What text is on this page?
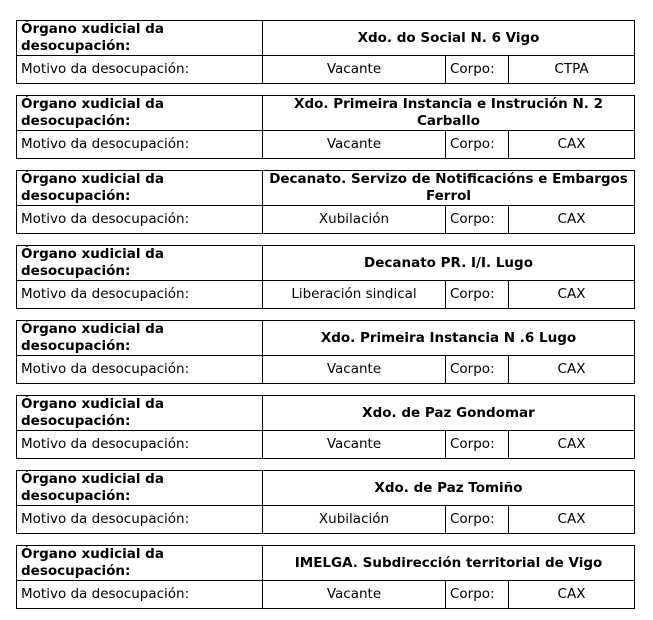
Órgano xudicial da desocupación:	Xdo. do Social N. 6 Vigo		
Motivo da desocupación:	Vacante	Corpo:	CTPA
Órgano xudicial da desocupación:	Xdo. Primeira Instancia e Instrución N. 2 Carballo		
Motivo da desocupación:	Vacante	Corpo:	CAX
Órgano xudicial da desocupación:	Decanato. Servizo de Notificacións e Embargos Ferrol		
Motivo da desocupación:	Xubilación	Corpo:	CAX
Órgano xudicial da desocupación:	Decanato PR. I/I. Lugo		
Motivo da desocupación:	Liberación sindical	Corpo:	CAX
Órgano xudicial da desocupación:	Xdo. Primeira Instancia N .6 Lugo		
Motivo da desocupación:	Vacante	Corpo:	CAX
Órgano xudicial da desocupación:	Xdo. de Paz Gondomar		
Motivo da desocupación:	Vacante	Corpo:	CAX
Órgano xudicial da desocupación:	Xdo. de Paz Tomiño		
Motivo da desocupación:	Xubilación	Corpo:	CAX
Órgano xudicial da desocupación:	IMELGA. Subdirección territorial de Vigo		
Motivo da desocupación:	Vacante	Corpo:	CAX
